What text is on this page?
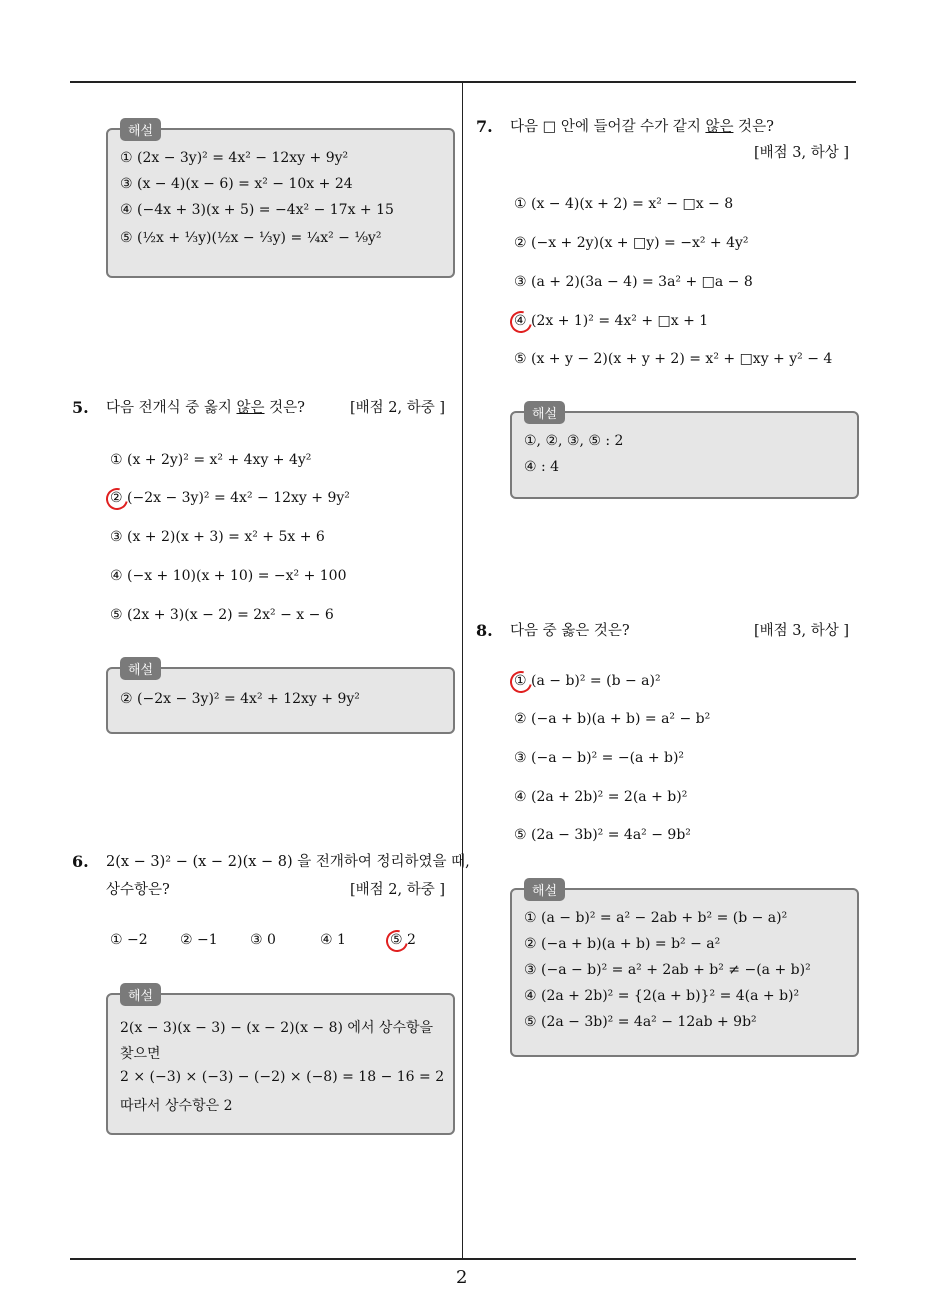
2
해설
① (2x − 3y)² = 4x² − 12xy + 9y²
③ (x − 4)(x − 6) = x² − 10x + 24
④ (−4x + 3)(x + 5) = −4x² − 17x + 15
⑤ (½x + ⅓y)(½x − ⅓y) = ¼x² − ⅑y²
5. 다음 전개식 중 옳지 않은 것은?	[배점 2, 하중 ]
① (x + 2y)² = x² + 4xy + 4y²
② (−2x − 3y)² = 4x² − 12xy + 9y²
③ (x + 2)(x + 3) = x² + 5x + 6
④ (−x + 10)(x + 10) = −x² + 100
⑤ (2x + 3)(x − 2) = 2x² − x − 6
해설
② (−2x − 3y)² = 4x² + 12xy + 9y²
6. 2(x − 3)² − (x − 2)(x − 8) 을 전개하여 정리하였을 때,
상수항은?	[배점 2, 하중 ]
① −2 ② −1 ③ 0	④ 1	⑤ 2
해설
2(x − 3)(x − 3) − (x − 2)(x − 8) 에서 상수항을
찾으면
2 × (−3) × (−3) − (−2) × (−8) = 18 − 16 = 2
따라서 상수항은 2
7. 다음 □ 안에 들어갈 수가 같지 않은 것은?
[배점 3, 하상 ]
① (x − 4)(x + 2) = x² − □x − 8
② (−x + 2y)(x + □y) = −x² + 4y²
③ (a + 2)(3a − 4) = 3a² + □a − 8
④ (2x + 1)² = 4x² + □x + 1
⑤ (x + y − 2)(x + y + 2) = x² + □xy + y² − 4
해설
①, ②, ③, ⑤ : 2
④ : 4
8. 다음 중 옳은 것은?	[배점 3, 하상 ]
① (a − b)² = (b − a)²
② (−a + b)(a + b) = a² − b²
③ (−a − b)² = −(a + b)²
④ (2a + 2b)² = 2(a + b)²
⑤ (2a − 3b)² = 4a² − 9b²
해설
① (a − b)² = a² − 2ab + b² = (b − a)²
② (−a + b)(a + b) = b² − a²
③ (−a − b)² = a² + 2ab + b² ≠ −(a + b)²
④ (2a + 2b)² = {2(a + b)}² = 4(a + b)²
⑤ (2a − 3b)² = 4a² − 12ab + 9b²
